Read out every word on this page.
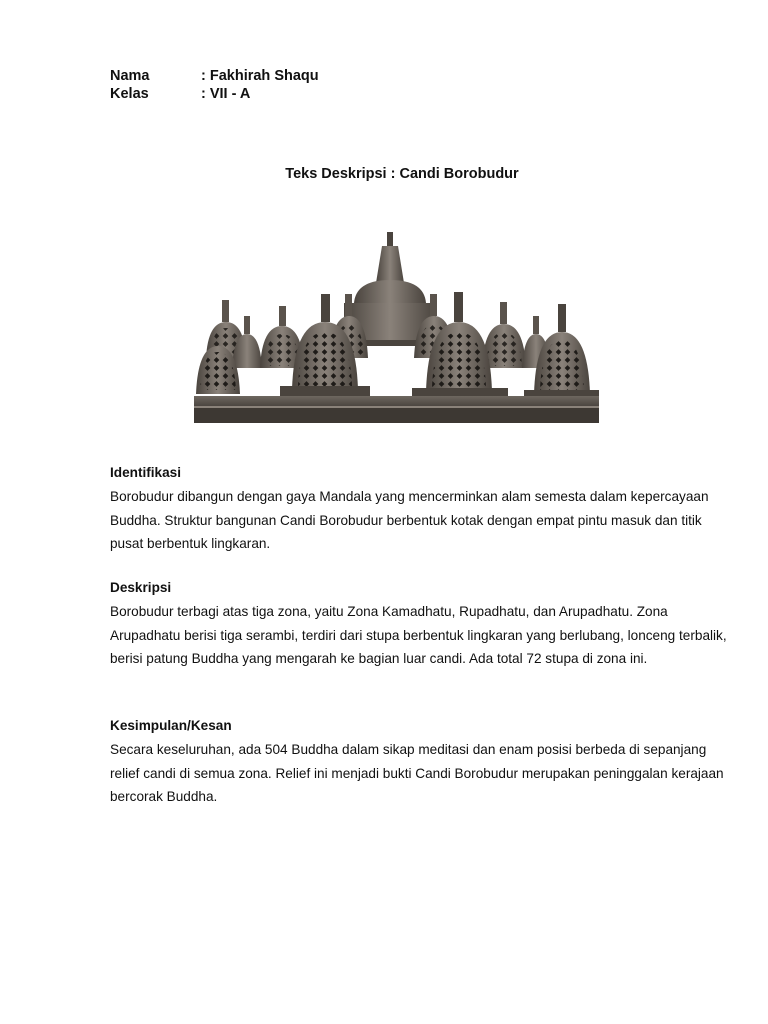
Nama	: Fakhirah Shaqu
Kelas	: VII - A
Teks Deskripsi : Candi Borobudur

Identifikasi

Borobudur dibangun dengan gaya Mandala yang mencerminkan alam semesta dalam kepercayaan Buddha. Struktur bangunan Candi Borobudur berbentuk kotak dengan empat pintu masuk dan titik pusat berbentuk lingkaran.

Deskripsi

Borobudur terbagi atas tiga zona, yaitu Zona Kamadhatu, Rupadhatu, dan Arupadhatu. Zona Arupadhatu berisi tiga serambi, terdiri dari stupa berbentuk lingkaran yang berlubang, lonceng terbalik, berisi patung Buddha yang mengarah ke bagian luar candi. Ada total 72 stupa di zona ini.

Kesimpulan/Kesan

Secara keseluruhan, ada 504 Buddha dalam sikap meditasi dan enam posisi berbeda di sepanjang relief candi di semua zona. Relief ini menjadi bukti Candi Borobudur merupakan peninggalan kerajaan bercorak Buddha.
